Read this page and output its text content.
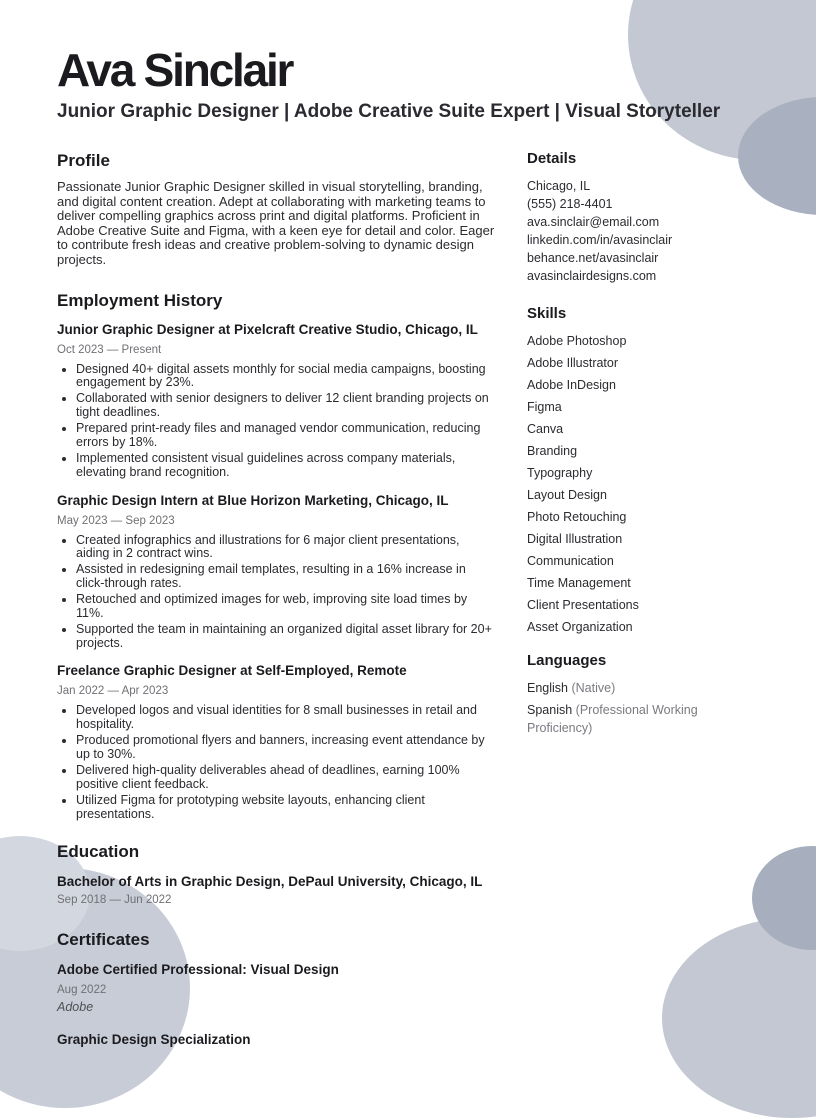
Ava Sinclair
Junior Graphic Designer | Adobe Creative Suite Expert | Visual Storyteller
Profile

Passionate Junior Graphic Designer skilled in visual storytelling, branding, and digital content creation. Adept at collaborating with marketing teams to deliver compelling graphics across print and digital platforms. Proficient in Adobe Creative Suite and Figma, with a keen eye for detail and color. Eager to contribute fresh ideas and creative problem-solving to dynamic design projects.

Employment History
Junior Graphic Designer at Pixelcraft Creative Studio, Chicago, IL
Oct 2023 — Present
• Designed 40+ digital assets monthly for social media campaigns, boosting engagement by 23%.
• Collaborated with senior designers to deliver 12 client branding projects on tight deadlines.
• Prepared print-ready files and managed vendor communication, reducing errors by 18%.
• Implemented consistent visual guidelines across company materials, elevating brand recognition.
Graphic Design Intern at Blue Horizon Marketing, Chicago, IL
May 2023 — Sep 2023
• Created infographics and illustrations for 6 major client presentations, aiding in 2 contract wins.
• Assisted in redesigning email templates, resulting in a 16% increase in click-through rates.
• Retouched and optimized images for web, improving site load times by 11%.
• Supported the team in maintaining an organized digital asset library for 20+ projects.
Freelance Graphic Designer at Self-Employed, Remote
Jan 2022 — Apr 2023
• Developed logos and visual identities for 8 small businesses in retail and hospitality.
• Produced promotional flyers and banners, increasing event attendance by up to 30%.
• Delivered high-quality deliverables ahead of deadlines, earning 100% positive client feedback.
• Utilized Figma for prototyping website layouts, enhancing client presentations.
Education
Bachelor of Arts in Graphic Design, DePaul University, Chicago, IL
Sep 2018 — Jun 2022
Certificates
Adobe Certified Professional: Visual Design
Aug 2022
Adobe
Graphic Design Specialization
Details
Chicago, IL
(555) 218-4401
ava.sinclair@email.com
linkedin.com/in/avasinclair
behance.net/avasinclair
avasinclairdesigns.com
Skills
Adobe Photoshop
Adobe Illustrator
Adobe InDesign
Figma
Canva
Branding
Typography
Layout Design
Photo Retouching
Digital Illustration
Communication
Time Management
Client Presentations
Asset Organization
Languages
English (Native)
Spanish (Professional Working Proficiency)
